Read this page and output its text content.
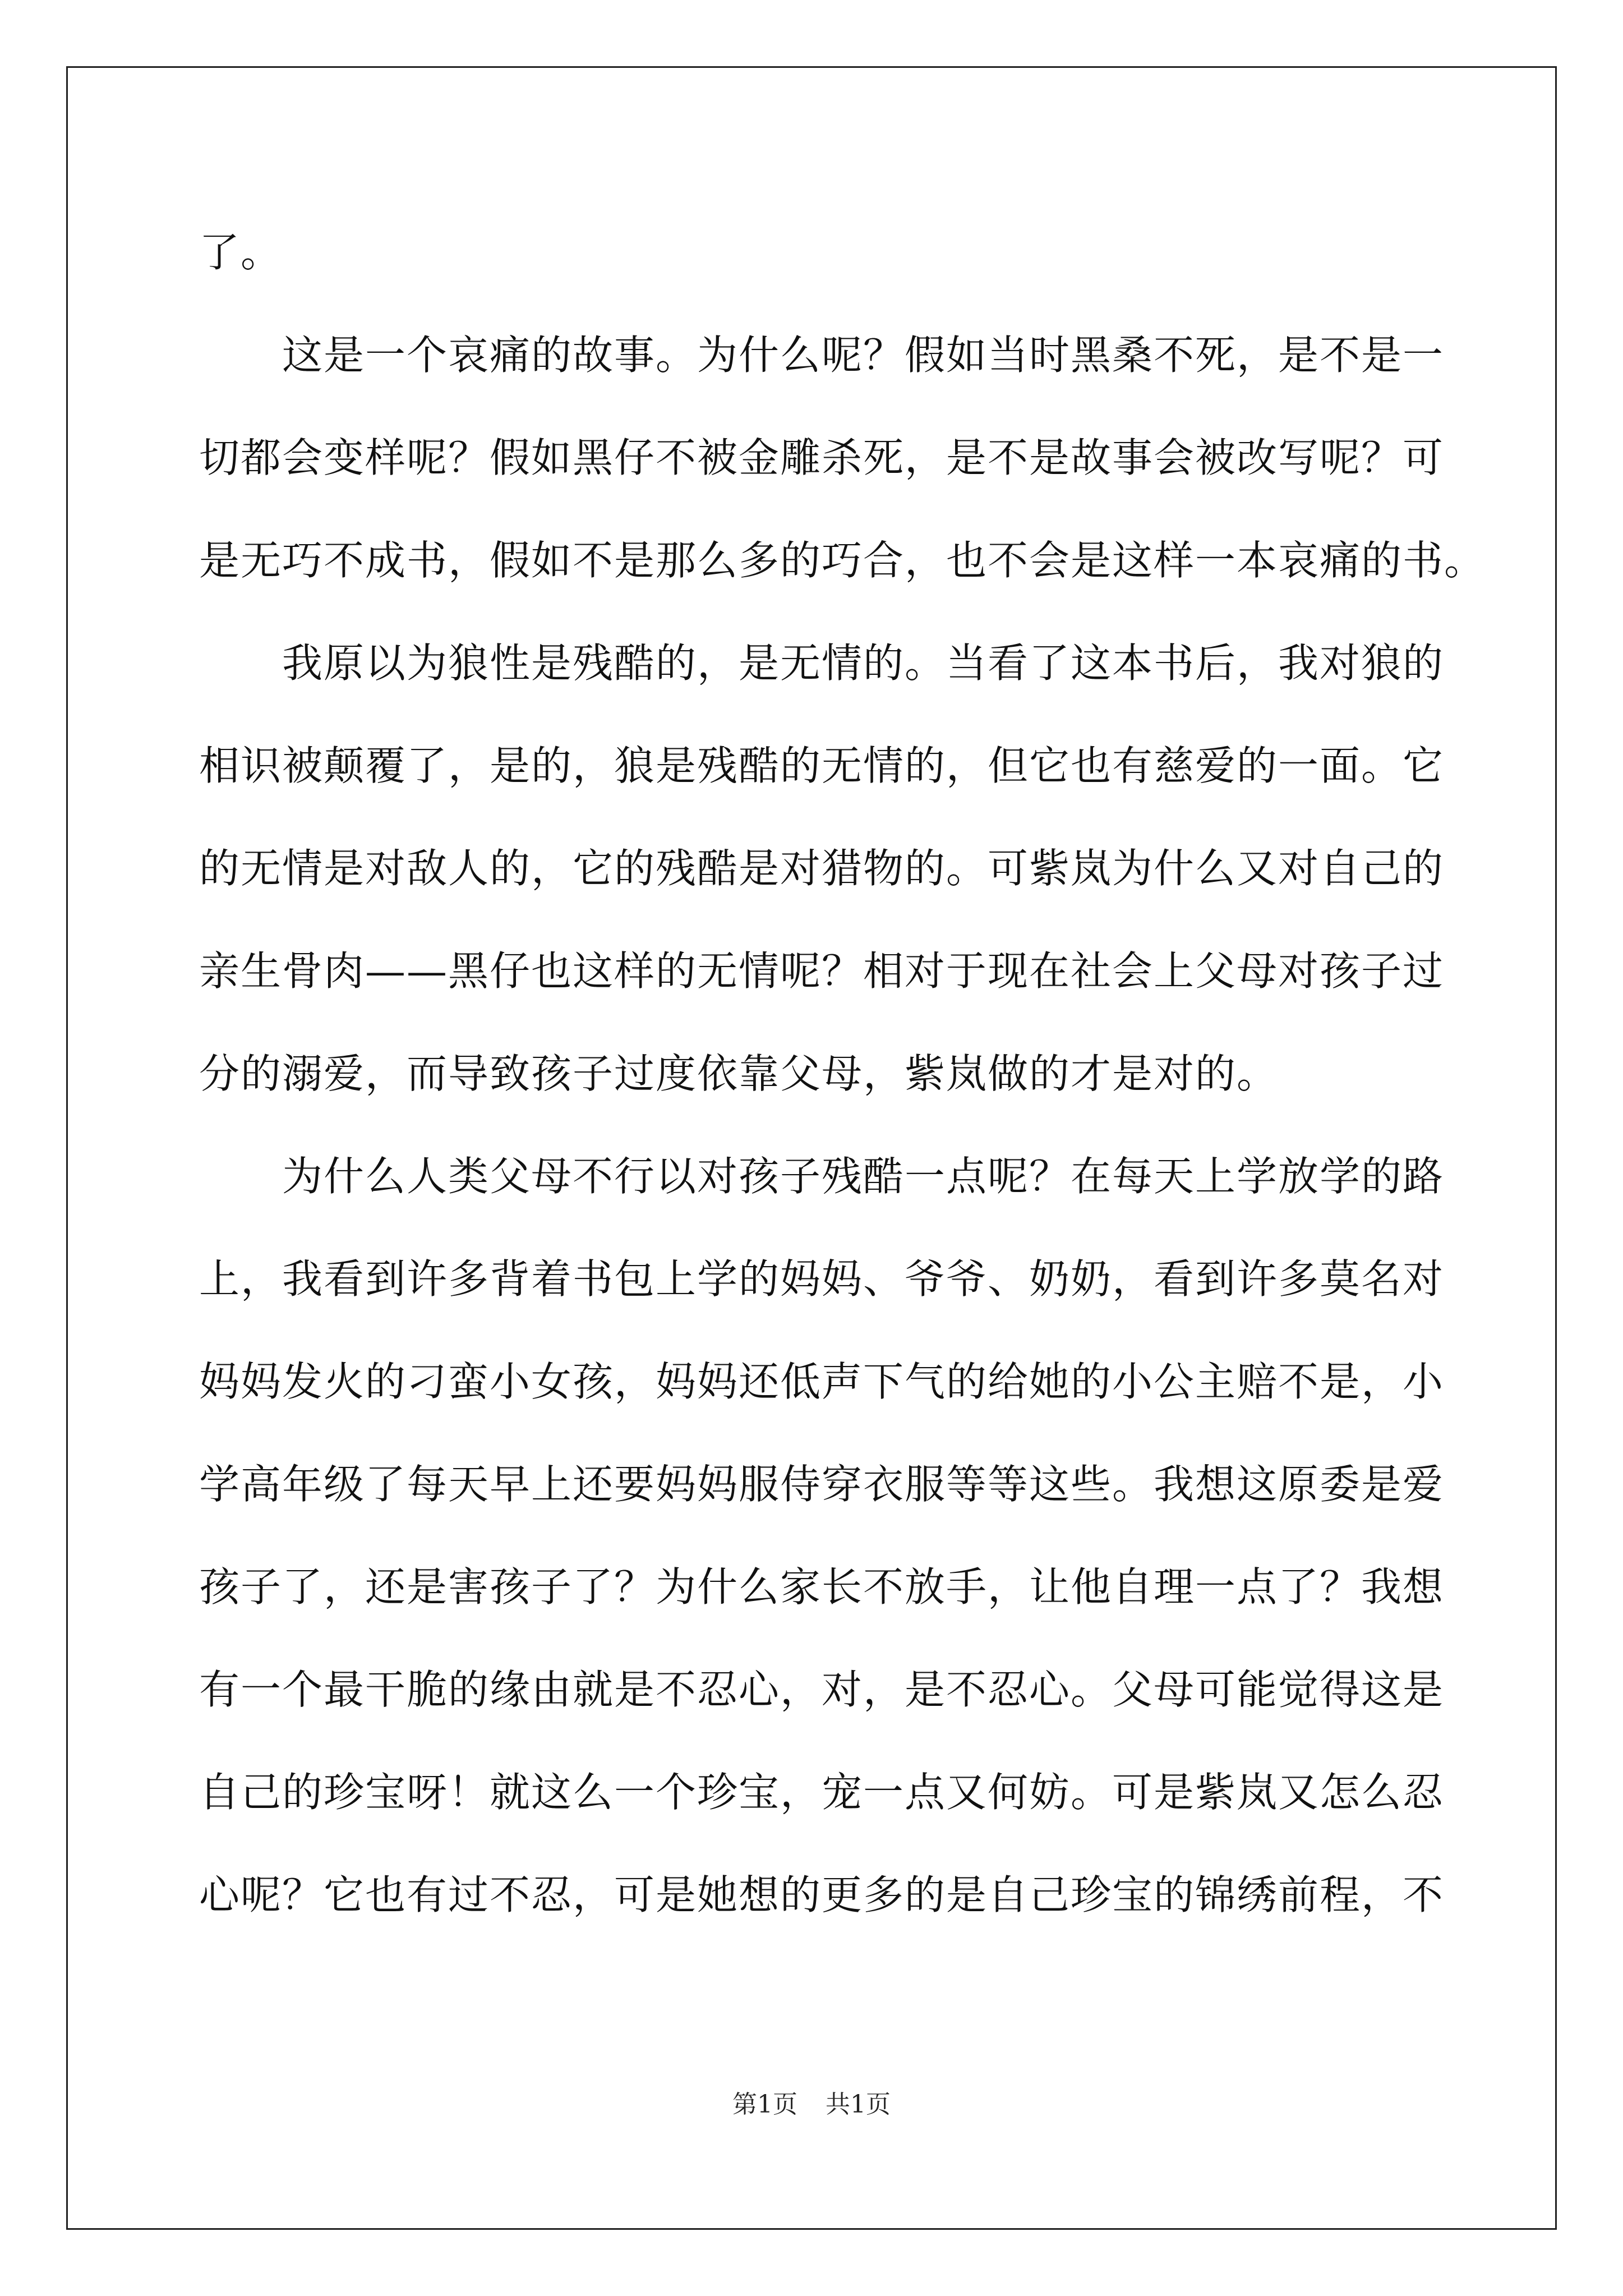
了。
　　这是一个哀痛的故事。为什么呢？假如当时黑桑不死，是不是一
切都会变样呢？假如黑仔不被金雕杀死，是不是故事会被改写呢？可
是无巧不成书，假如不是那么多的巧合，也不会是这样一本哀痛的书。
　　我原以为狼性是残酷的，是无情的。当看了这本书后，我对狼的
相识被颠覆了，是的，狼是残酷的无情的，但它也有慈爱的一面。它
的无情是对敌人的，它的残酷是对猎物的。可紫岚为什么又对自己的
亲生骨肉——黑仔也这样的无情呢？相对于现在社会上父母对孩子过
分的溺爱，而导致孩子过度依靠父母，紫岚做的才是对的。
　　为什么人类父母不行以对孩子残酷一点呢？在每天上学放学的路
上，我看到许多背着书包上学的妈妈、爷爷、奶奶，看到许多莫名对
妈妈发火的刁蛮小女孩，妈妈还低声下气的给她的小公主赔不是，小
学高年级了每天早上还要妈妈服侍穿衣服等等这些。我想这原委是爱
孩子了，还是害孩子了？为什么家长不放手，让他自理一点了？我想
有一个最干脆的缘由就是不忍心，对，是不忍心。父母可能觉得这是
自己的珍宝呀！就这么一个珍宝，宠一点又何妨。可是紫岚又怎么忍
心呢？它也有过不忍，可是她想的更多的是自己珍宝的锦绣前程，不
第1页 共1页
